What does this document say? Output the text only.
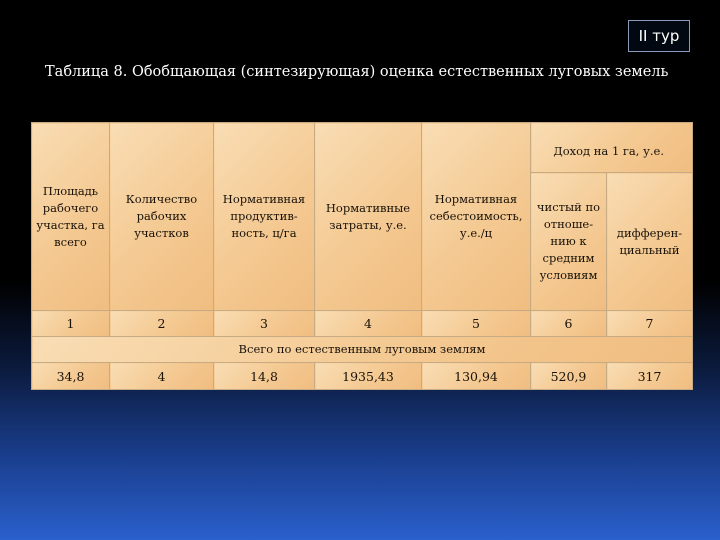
II тур
Таблица 8. Обобщающая (синтезирующая) оценка естественных луговых земель
Площадь рабочего участка, га всего	Количество рабочих участков	Нормативная продуктив-ность, ц/га	Нормативные затраты, у.е.	Нормативная себестоимость, у.е./ц	Доход на 1 га, у.е.	
					чистый по отноше-нию к средним условиям	дифферен-циальный
1	2	3	4	5	6	7
Всего по естественным луговым землям						
34,8	4	14,8	1935,43	130,94	520,9	317
